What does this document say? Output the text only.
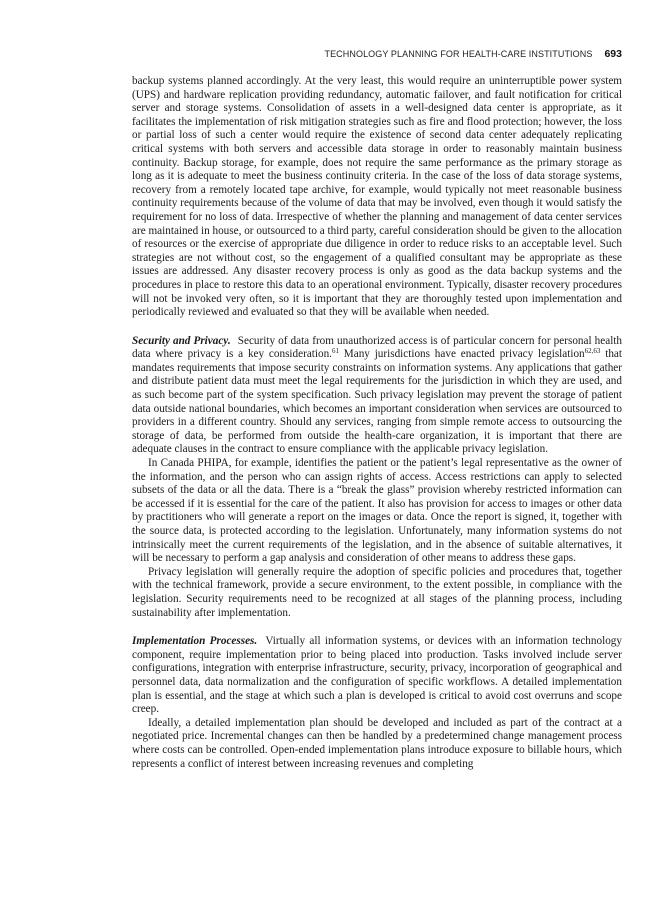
TECHNOLOGY PLANNING FOR HEALTH-CARE INSTITUTIONS 693

backup systems planned accordingly. At the very least, this would require an uninterruptible power system (UPS) and hardware replication providing redundancy, automatic failover, and fault notification for critical server and storage systems. Consolidation of assets in a well-designed data center is appropriate, as it facilitates the implementation of risk mitigation strategies such as fire and flood protection; however, the loss or partial loss of such a center would require the existence of second data center adequately replicating critical systems with both servers and accessible data storage in order to reasonably maintain business continuity. Backup storage, for example, does not require the same performance as the primary storage as long as it is adequate to meet the business continuity criteria. In the case of the loss of data storage systems, recovery from a remotely located tape archive, for example, would typically not meet reasonable business continuity requirements because of the volume of data that may be involved, even though it would satisfy the requirement for no loss of data. Irrespective of whether the planning and management of data center services are maintained in house, or outsourced to a third party, careful consideration should be given to the allocation of resources or the exercise of appropriate due diligence in order to reduce risks to an acceptable level. Such strategies are not without cost, so the engagement of a qualified consultant may be appropriate as these issues are addressed. Any disaster recovery process is only as good as the data backup systems and the procedures in place to restore this data to an operational environment. Typically, disaster recovery procedures will not be invoked very often, so it is important that they are thoroughly tested upon implementation and periodically reviewed and evaluated so that they will be available when needed.

Security and Privacy. Security of data from unauthorized access is of particular concern for personal health data where privacy is a key consideration.$^{61}$ Many jurisdictions have enacted privacy legislation$^{62,63}$ that mandates requirements that impose security constraints on information systems. Any applications that gather and distribute patient data must meet the legal requirements for the jurisdiction in which they are used, and as such become part of the system specification. Such privacy legislation may prevent the storage of patient data outside national boundaries, which becomes an important consideration when services are outsourced to providers in a different country. Should any services, ranging from simple remote access to outsourcing the storage of data, be performed from outside the health-care organization, it is important that there are adequate clauses in the contract to ensure compliance with the applicable privacy legislation.

In Canada PHIPA, for example, identifies the patient or the patient’s legal representative as the owner of the information, and the person who can assign rights of access. Access restrictions can apply to selected subsets of the data or all the data. There is a “break the glass” provision whereby restricted information can be accessed if it is essential for the care of the patient. It also has provision for access to images or other data by practitioners who will generate a report on the images or data. Once the report is signed, it, together with the source data, is protected according to the legislation. Unfortunately, many information systems do not intrinsically meet the current requirements of the legislation, and in the absence of suitable alternatives, it will be necessary to perform a gap analysis and consideration of other means to address these gaps.

Privacy legislation will generally require the adoption of specific policies and procedures that, together with the technical framework, provide a secure environment, to the extent possible, in compliance with the legislation. Security requirements need to be recognized at all stages of the planning process, including sustainability after implementation.

Implementation Processes. Virtually all information systems, or devices with an information technology component, require implementation prior to being placed into production. Tasks involved include server configurations, integration with enterprise infrastructure, security, privacy, incorporation of geographical and personnel data, data normalization and the configuration of specific workflows. A detailed implementation plan is essential, and the stage at which such a plan is developed is critical to avoid cost overruns and scope creep.

Ideally, a detailed implementation plan should be developed and included as part of the contract at a negotiated price. Incremental changes can then be handled by a predetermined change management process where costs can be controlled. Open-ended implementation plans introduce exposure to billable hours, which represents a conflict of interest between increasing revenues and completing
